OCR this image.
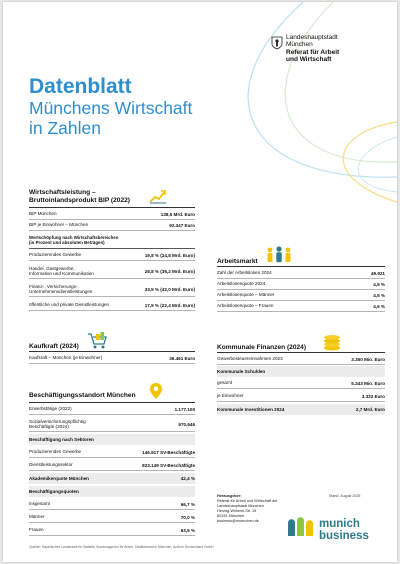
Landeshauptstadt
München
Referat für Arbeit
und Wirtschaft
Datenblatt
Münchens Wirtschaft
in Zahlen
Wirtschaftsleistung –
Bruttoinlandsprodukt BIP (2022)
BIP München	138,5 Mrd. Euro
BIP je Einwohner – München	92.347 Euro
Wertschöpfung nach Wirtschaftsbereichen
(in Prozent und absoluten Beträgen)
Produzierendes Gewerbe	19,8 % (24,8 Mrd. Euro)
Handel, Gastgewerbe,
Information und Kommunikation	28,8 % (36,2 Mrd. Euro)
Finanz-, Versicherungs-,
Unternehmensdienstleistungen	33,5 % (42,0 Mrd. Euro)
öffentliche und private Dienstleistungen	17,9 % (22,4 Mrd. Euro)
Arbeitsmarkt
Zahl der Arbeitslosen 2024	49.921
Arbeitslosenquote 2024	4,5 %
Arbeitslosenquote – Männer	4,5 %
Arbeitslosenquote – Frauen	4,6 %
Kaufkraft (2024)
Kaufkraft – München (je Einwohner)	36.461 Euro
Kommunale Finanzen (2024)
Gewerbesteuereinnahmen 2023	3.350 Mio. Euro
Kommunale Schulden
gesamt	5.343 Mio. Euro
je Einwohner	3.332 Euro
Kommunale Investitionen 2024	2,7 Mrd. Euro
Beschäftigungsstandort München
Erwerbstätige (2022)	1.177.100
Sozialversicherungspflichtig
Beschäftigte (2024)	970.646
Beschäftigung nach Sektoren
Produzierendes Gewerbe	146.917 SV-Beschäftigte
Dienstleistungssektor	823.149 SV-Beschäftigte
Akademikerquote München	42,4 %
Beschäftigungsquoten
insgesamt	66,7 %
Männer	70,0 %
Frauen	63,5 %
Herausgeber:
Referat für Arbeit und Wirtschaft der
Landeshauptstadt München
Herzog-Wilhelm-Str. 15
80331 München
business@muenchen.de
Stand: August 2025
munich
business
Quellen: Bayerisches Landesamt für Statistik, Bundesagentur für Arbeit, Stadtkämmerei München, Acxiom Deutschland GmbH
